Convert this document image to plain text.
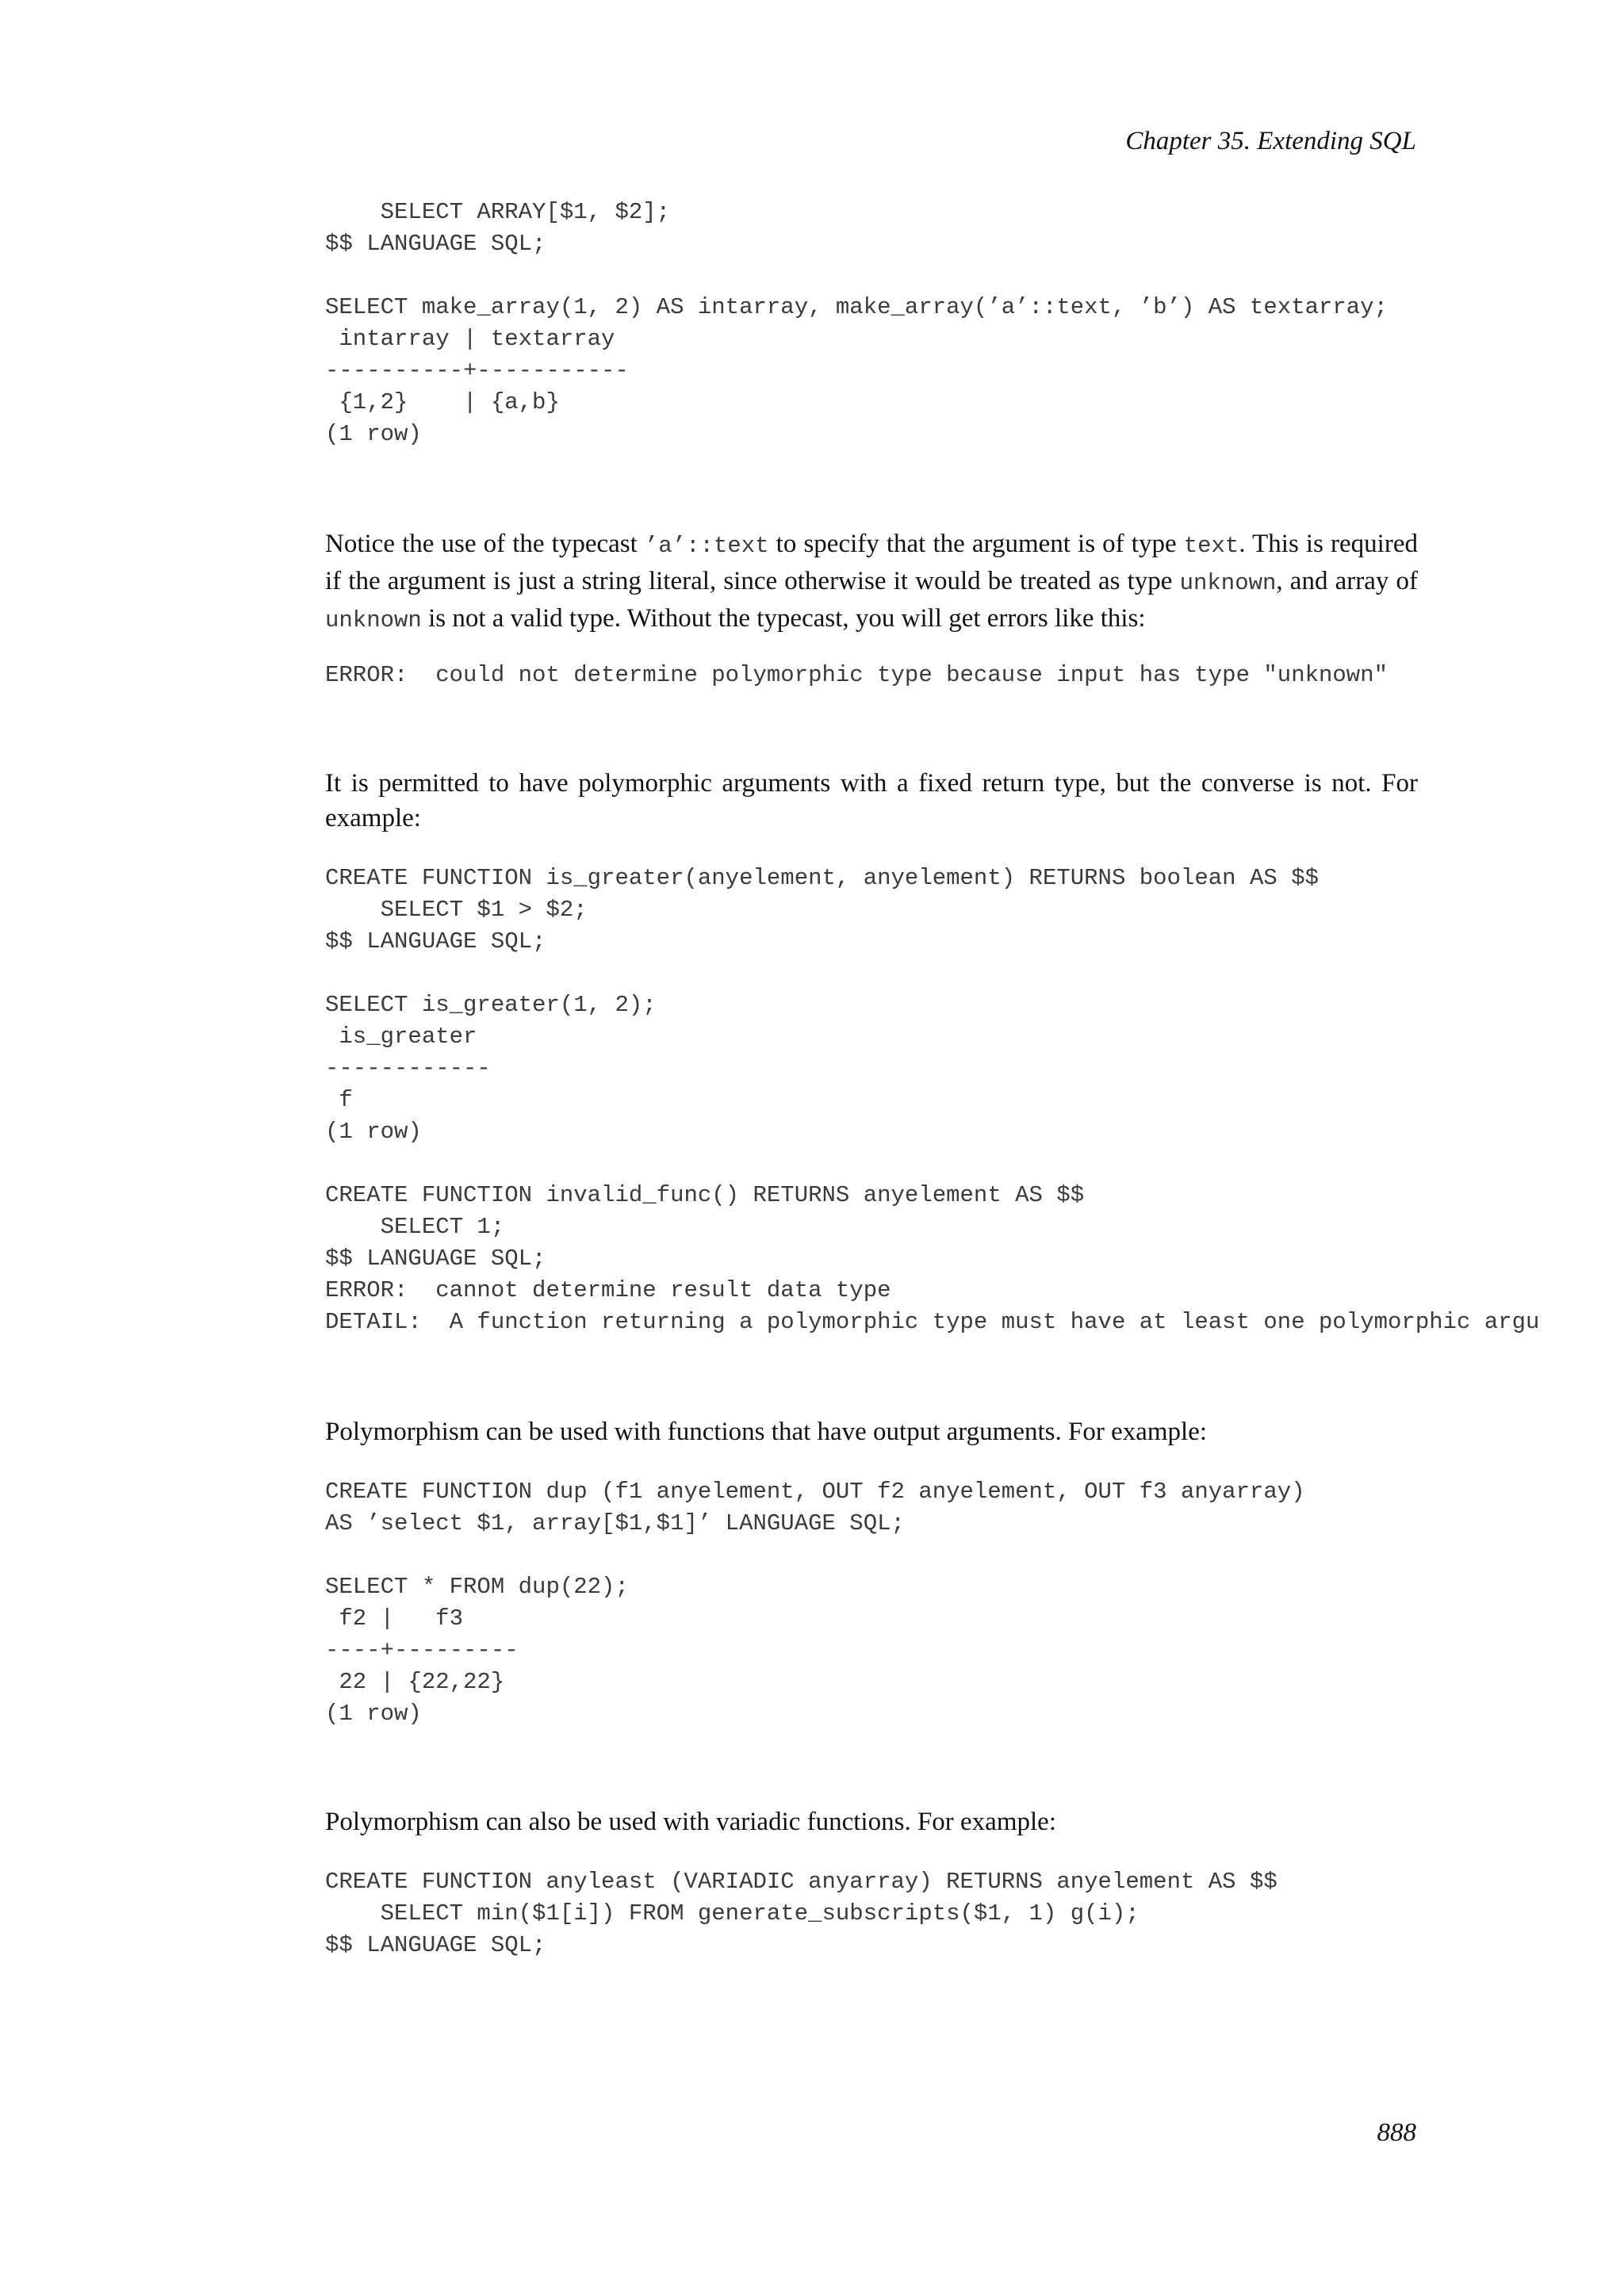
Chapter 35. Extending SQL
SELECT ARRAY[$1, $2];
$$ LANGUAGE SQL;

SELECT make_array(1, 2) AS intarray, make_array(’a’::text, ’b’) AS textarray;
intarray | textarray
----------+-----------
{1,2}    | {a,b}
(1 row)

Notice the use of the typecast ’a’::text to specify that the argument is of type text. This is required if the argument is just a string literal, since otherwise it would be treated as type unknown, and array of unknown is not a valid type. Without the typecast, you will get errors like this:

ERROR:  could not determine polymorphic type because input has type "unknown"

It is permitted to have polymorphic arguments with a fixed return type, but the converse is not. For example:

CREATE FUNCTION is_greater(anyelement, anyelement) RETURNS boolean AS $$
SELECT $1 > $2;
$$ LANGUAGE SQL;

SELECT is_greater(1, 2);
is_greater
------------
f
(1 row)

CREATE FUNCTION invalid_func() RETURNS anyelement AS $$
SELECT 1;
$$ LANGUAGE SQL;
ERROR:  cannot determine result data type
DETAIL:  A function returning a polymorphic type must have at least one polymorphic argu

Polymorphism can be used with functions that have output arguments. For example:

CREATE FUNCTION dup (f1 anyelement, OUT f2 anyelement, OUT f3 anyarray)
AS ’select $1, array[$1,$1]’ LANGUAGE SQL;

SELECT * FROM dup(22);
f2 |   f3
----+---------
22 | {22,22}
(1 row)

Polymorphism can also be used with variadic functions. For example:

CREATE FUNCTION anyleast (VARIADIC anyarray) RETURNS anyelement AS $$
SELECT min($1[i]) FROM generate_subscripts($1, 1) g(i);
$$ LANGUAGE SQL;
888
